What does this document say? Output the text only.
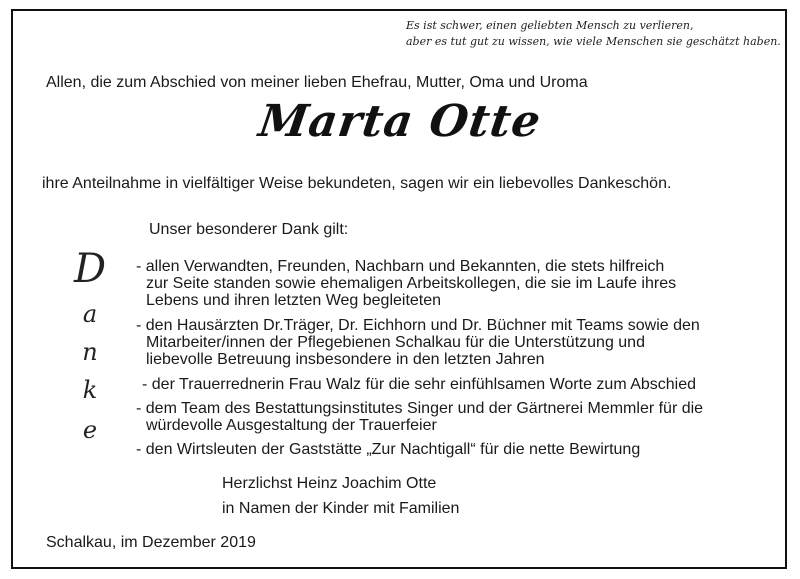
Es ist schwer, einen geliebten Mensch zu verlieren,
aber es tut gut zu wissen, wie viele Menschen sie geschätzt haben.
Allen, die zum Abschied von meiner lieben Ehefrau, Mutter, Oma und Uroma
Marta Otte
ihre Anteilnahme in vielfältiger Weise bekundeten, sagen wir ein liebevolles Dankeschön.
Unser besonderer Dank gilt:
D
a
n
k
e
- allen Verwandten, Freunden, Nachbarn und Bekannten, die stets hilfreich
zur Seite standen sowie ehemaligen Arbeitskollegen, die sie im Laufe ihres
Lebens und ihren letzten Weg begleiteten
- den Hausärzten Dr.Träger, Dr. Eichhorn und Dr. Büchner mit Teams sowie den
Mitarbeiter/innen der Pflegebienen Schalkau für die Unterstützung und
liebevolle Betreuung insbesondere in den letzten Jahren
- der Trauerrednerin Frau Walz für die sehr einfühlsamen Worte zum Abschied
- dem Team des Bestattungsinstitutes Singer und der Gärtnerei Memmler für die
würdevolle Ausgestaltung der Trauerfeier
- den Wirtsleuten der Gaststätte „Zur Nachtigall“ für die nette Bewirtung
Herzlichst Heinz Joachim Otte
in Namen der Kinder mit Familien
Schalkau, im Dezember 2019
